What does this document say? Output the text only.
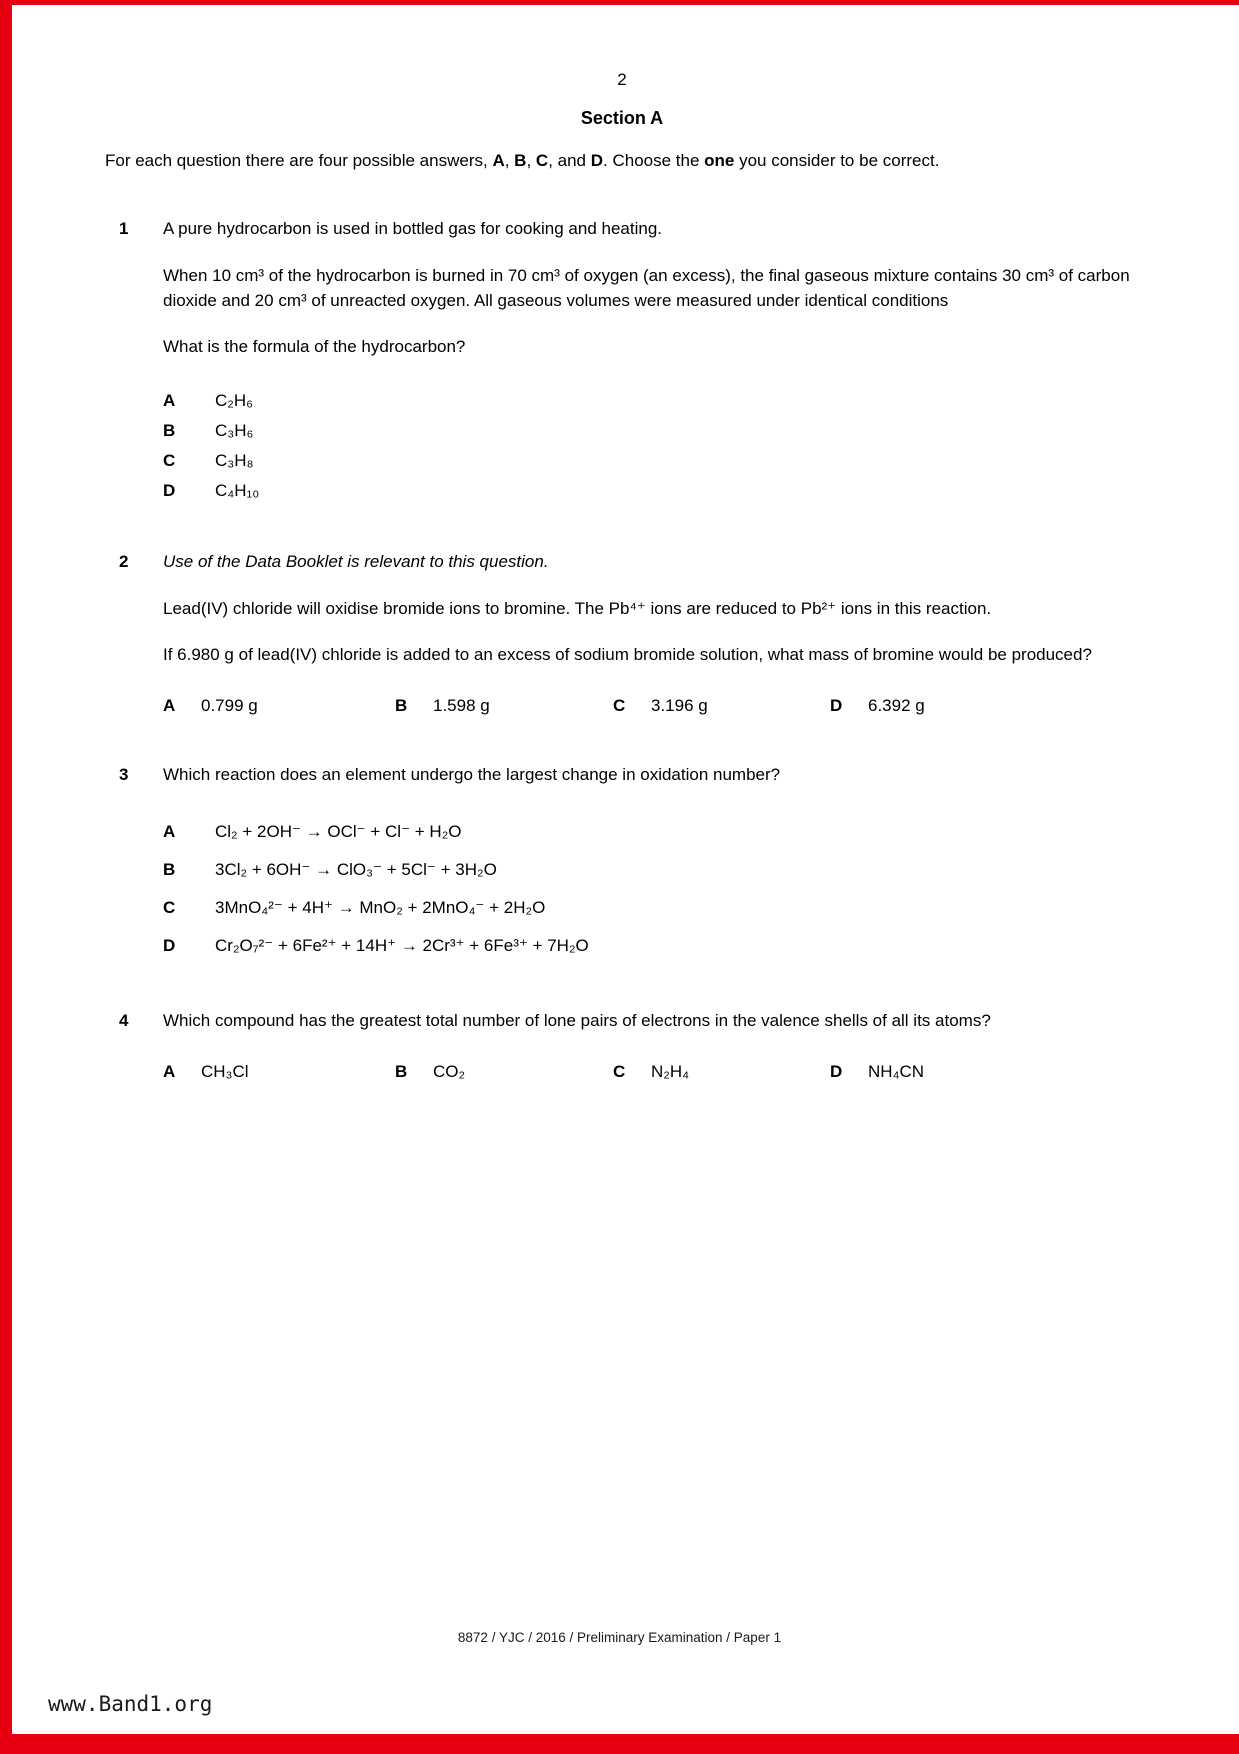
2
Section A
For each question there are four possible answers, A, B, C, and D. Choose the one you consider to be correct.
1	A pure hydrocarbon is used in bottled gas for cooking and heating.

When 10 cm³ of the hydrocarbon is burned in 70 cm³ of oxygen (an excess), the final gaseous mixture contains 30 cm³ of carbon dioxide and 20 cm³ of unreacted oxygen. All gaseous volumes were measured under identical conditions

What is the formula of the hydrocarbon?

A	C₂H₆
B	C₃H₆
C	C₃H₈
D	C₄H₁₀
2	Use of the Data Booklet is relevant to this question.

Lead(IV) chloride will oxidise bromide ions to bromine. The Pb⁴⁺ ions are reduced to Pb²⁺ ions in this reaction.

If 6.980 g of lead(IV) chloride is added to an excess of sodium bromide solution, what mass of bromine would be produced?

A	0.799 g	B	1.598 g	C	3.196 g	D	6.392 g
3	Which reaction does an element undergo the largest change in oxidation number?

A	Cl₂ + 2OH⁻ → OCl⁻ + Cl⁻ + H₂O
B	3Cl₂ + 6OH⁻ → ClO₃⁻ + 5Cl⁻ + 3H₂O
C	3MnO₄²⁻ + 4H⁺ → MnO₂ + 2MnO₄⁻ + 2H₂O
D	Cr₂O₇²⁻ + 6Fe²⁺ + 14H⁺ → 2Cr³⁺ + 6Fe³⁺ + 7H₂O
4	Which compound has the greatest total number of lone pairs of electrons in the valence shells of all its atoms?

A	CH₃Cl	B	CO₂	C	N₂H₄	D	NH₄CN
8872 / YJC / 2016 / Preliminary Examination / Paper 1
www.Band1.org
